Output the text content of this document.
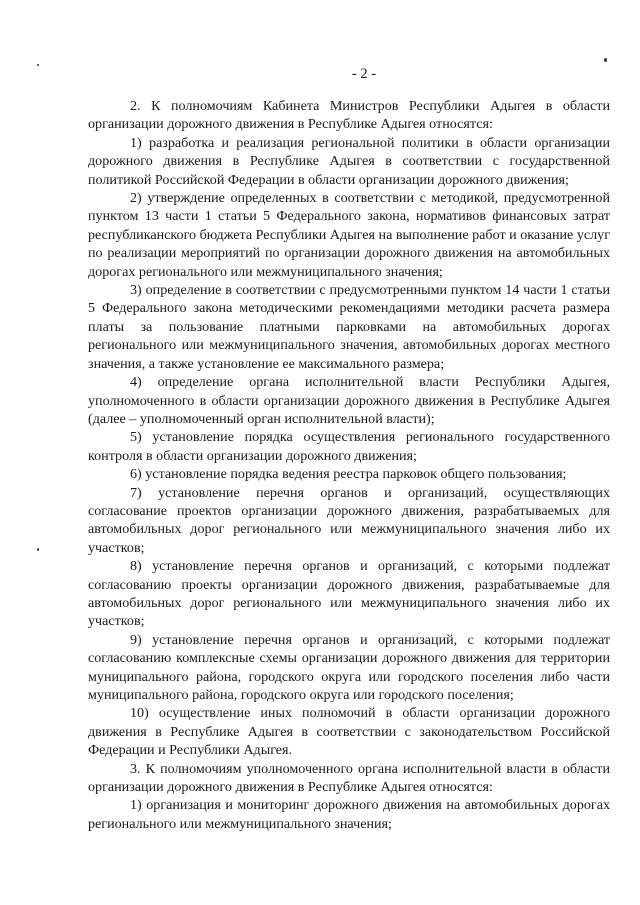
- 2 -

2. К полномочиям Кабинета Министров Республики Адыгея в области организации дорожного движения в Республике Адыгея относятся:

1) разработка и реализация региональной политики в области организации дорожного движения в Республике Адыгея в соответствии с государственной политикой Российской Федерации в области организации дорожного движения;

2) утверждение определенных в соответствии с методикой, предусмотренной пунктом 13 части 1 статьи 5 Федерального закона, нормативов финансовых затрат республиканского бюджета Республики Адыгея на выполнение работ и оказание услуг по реализации мероприятий по организации дорожного движения на автомобильных дорогах регионального или межмуниципального значения;

3) определение в соответствии с предусмотренными пунктом 14 части 1 статьи 5 Федерального закона методическими рекомендациями методики расчета размера платы за пользование платными парковками на автомобильных дорогах регионального или межмуниципального значения, автомобильных дорогах местного значения, а также установление ее максимального размера;

4) определение органа исполнительной власти Республики Адыгея, уполномоченного в области организации дорожного движения в Республике Адыгея (далее – уполномоченный орган исполнительной власти);

5) установление порядка осуществления регионального государственного контроля в области организации дорожного движения;

6) установление порядка ведения реестра парковок общего пользования;

7) установление перечня органов и организаций, осуществляющих согласование проектов организации дорожного движения, разрабатываемых для автомобильных дорог регионального или межмуниципального значения либо их участков;

8) установление перечня органов и организаций, с которыми подлежат согласованию проекты организации дорожного движения, разрабатываемые для автомобильных дорог регионального или межмуниципального значения либо их участков;

9) установление перечня органов и организаций, с которыми подлежат согласованию комплексные схемы организации дорожного движения для территории муниципального района, городского округа или городского поселения либо части муниципального района, городского округа или городского поселения;

10) осуществление иных полномочий в области организации дорожного движения в Республике Адыгея в соответствии с законодательством Российской Федерации и Республики Адыгея.

3. К полномочиям уполномоченного органа исполнительной власти в области организации дорожного движения в Республике Адыгея относятся:

1) организация и мониторинг дорожного движения на автомобильных дорогах регионального или межмуниципального значения;
